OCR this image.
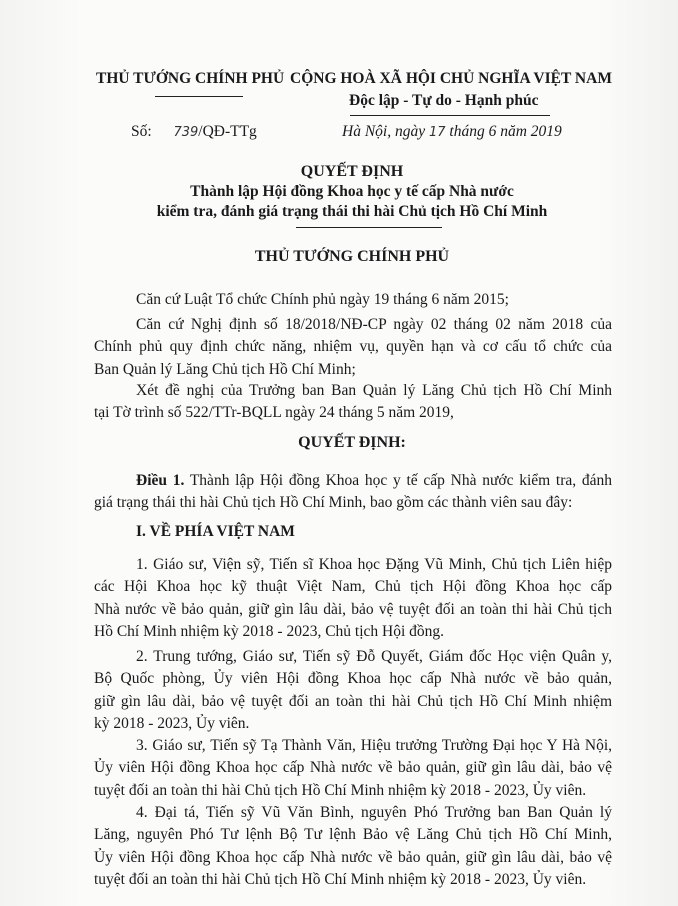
THỦ TƯỚNG CHÍNH PHỦ CỘNG HOÀ XÃ HỘI CHỦ NGHĨA VIỆT NAM
Độc lập - Tự do - Hạnh phúc
Số: 739/QĐ-TTg	Hà Nội, ngày 17 tháng 6 năm 2019
QUYẾT ĐỊNH
Thành lập Hội đồng Khoa học y tế cấp Nhà nước
kiểm tra, đánh giá trạng thái thi hài Chủ tịch Hồ Chí Minh
THỦ TƯỚNG CHÍNH PHỦ
Căn cứ Luật Tổ chức Chính phủ ngày 19 tháng 6 năm 2015;
Căn cứ Nghị định số 18/2018/NĐ-CP ngày 02 tháng 02 năm 2018 của
Chính phủ quy định chức năng, nhiệm vụ, quyền hạn và cơ cấu tổ chức của
Ban Quản lý Lăng Chủ tịch Hồ Chí Minh;
Xét đề nghị của Trưởng ban Ban Quản lý Lăng Chủ tịch Hồ Chí Minh
tại Tờ trình số 522/TTr-BQLL ngày 24 tháng 5 năm 2019,
QUYẾT ĐỊNH:
Điều 1. Thành lập Hội đồng Khoa học y tế cấp Nhà nước kiểm tra, đánh
giá trạng thái thi hài Chủ tịch Hồ Chí Minh, bao gồm các thành viên sau đây:
I. VỀ PHÍA VIỆT NAM
1. Giáo sư, Viện sỹ, Tiến sĩ Khoa học Đặng Vũ Minh, Chủ tịch Liên hiệp
các Hội Khoa học kỹ thuật Việt Nam, Chủ tịch Hội đồng Khoa học cấp
Nhà nước về bảo quản, giữ gìn lâu dài, bảo vệ tuyệt đối an toàn thi hài Chủ tịch
Hồ Chí Minh nhiệm kỳ 2018 - 2023, Chủ tịch Hội đồng.
2. Trung tướng, Giáo sư, Tiến sỹ Đỗ Quyết, Giám đốc Học viện Quân y,
Bộ Quốc phòng, Ủy viên Hội đồng Khoa học cấp Nhà nước về bảo quản,
giữ gìn lâu dài, bảo vệ tuyệt đối an toàn thi hài Chủ tịch Hồ Chí Minh nhiệm
kỳ 2018 - 2023, Ủy viên.
3. Giáo sư, Tiến sỹ Tạ Thành Văn, Hiệu trưởng Trường Đại học Y Hà Nội,
Ủy viên Hội đồng Khoa học cấp Nhà nước về bảo quản, giữ gìn lâu dài, bảo vệ
tuyệt đối an toàn thi hài Chủ tịch Hồ Chí Minh nhiệm kỳ 2018 - 2023, Ủy viên.
4. Đại tá, Tiến sỹ Vũ Văn Bình, nguyên Phó Trưởng ban Ban Quản lý
Lăng, nguyên Phó Tư lệnh Bộ Tư lệnh Bảo vệ Lăng Chủ tịch Hồ Chí Minh,
Ủy viên Hội đồng Khoa học cấp Nhà nước về bảo quản, giữ gìn lâu dài, bảo vệ
tuyệt đối an toàn thi hài Chủ tịch Hồ Chí Minh nhiệm kỳ 2018 - 2023, Ủy viên.
